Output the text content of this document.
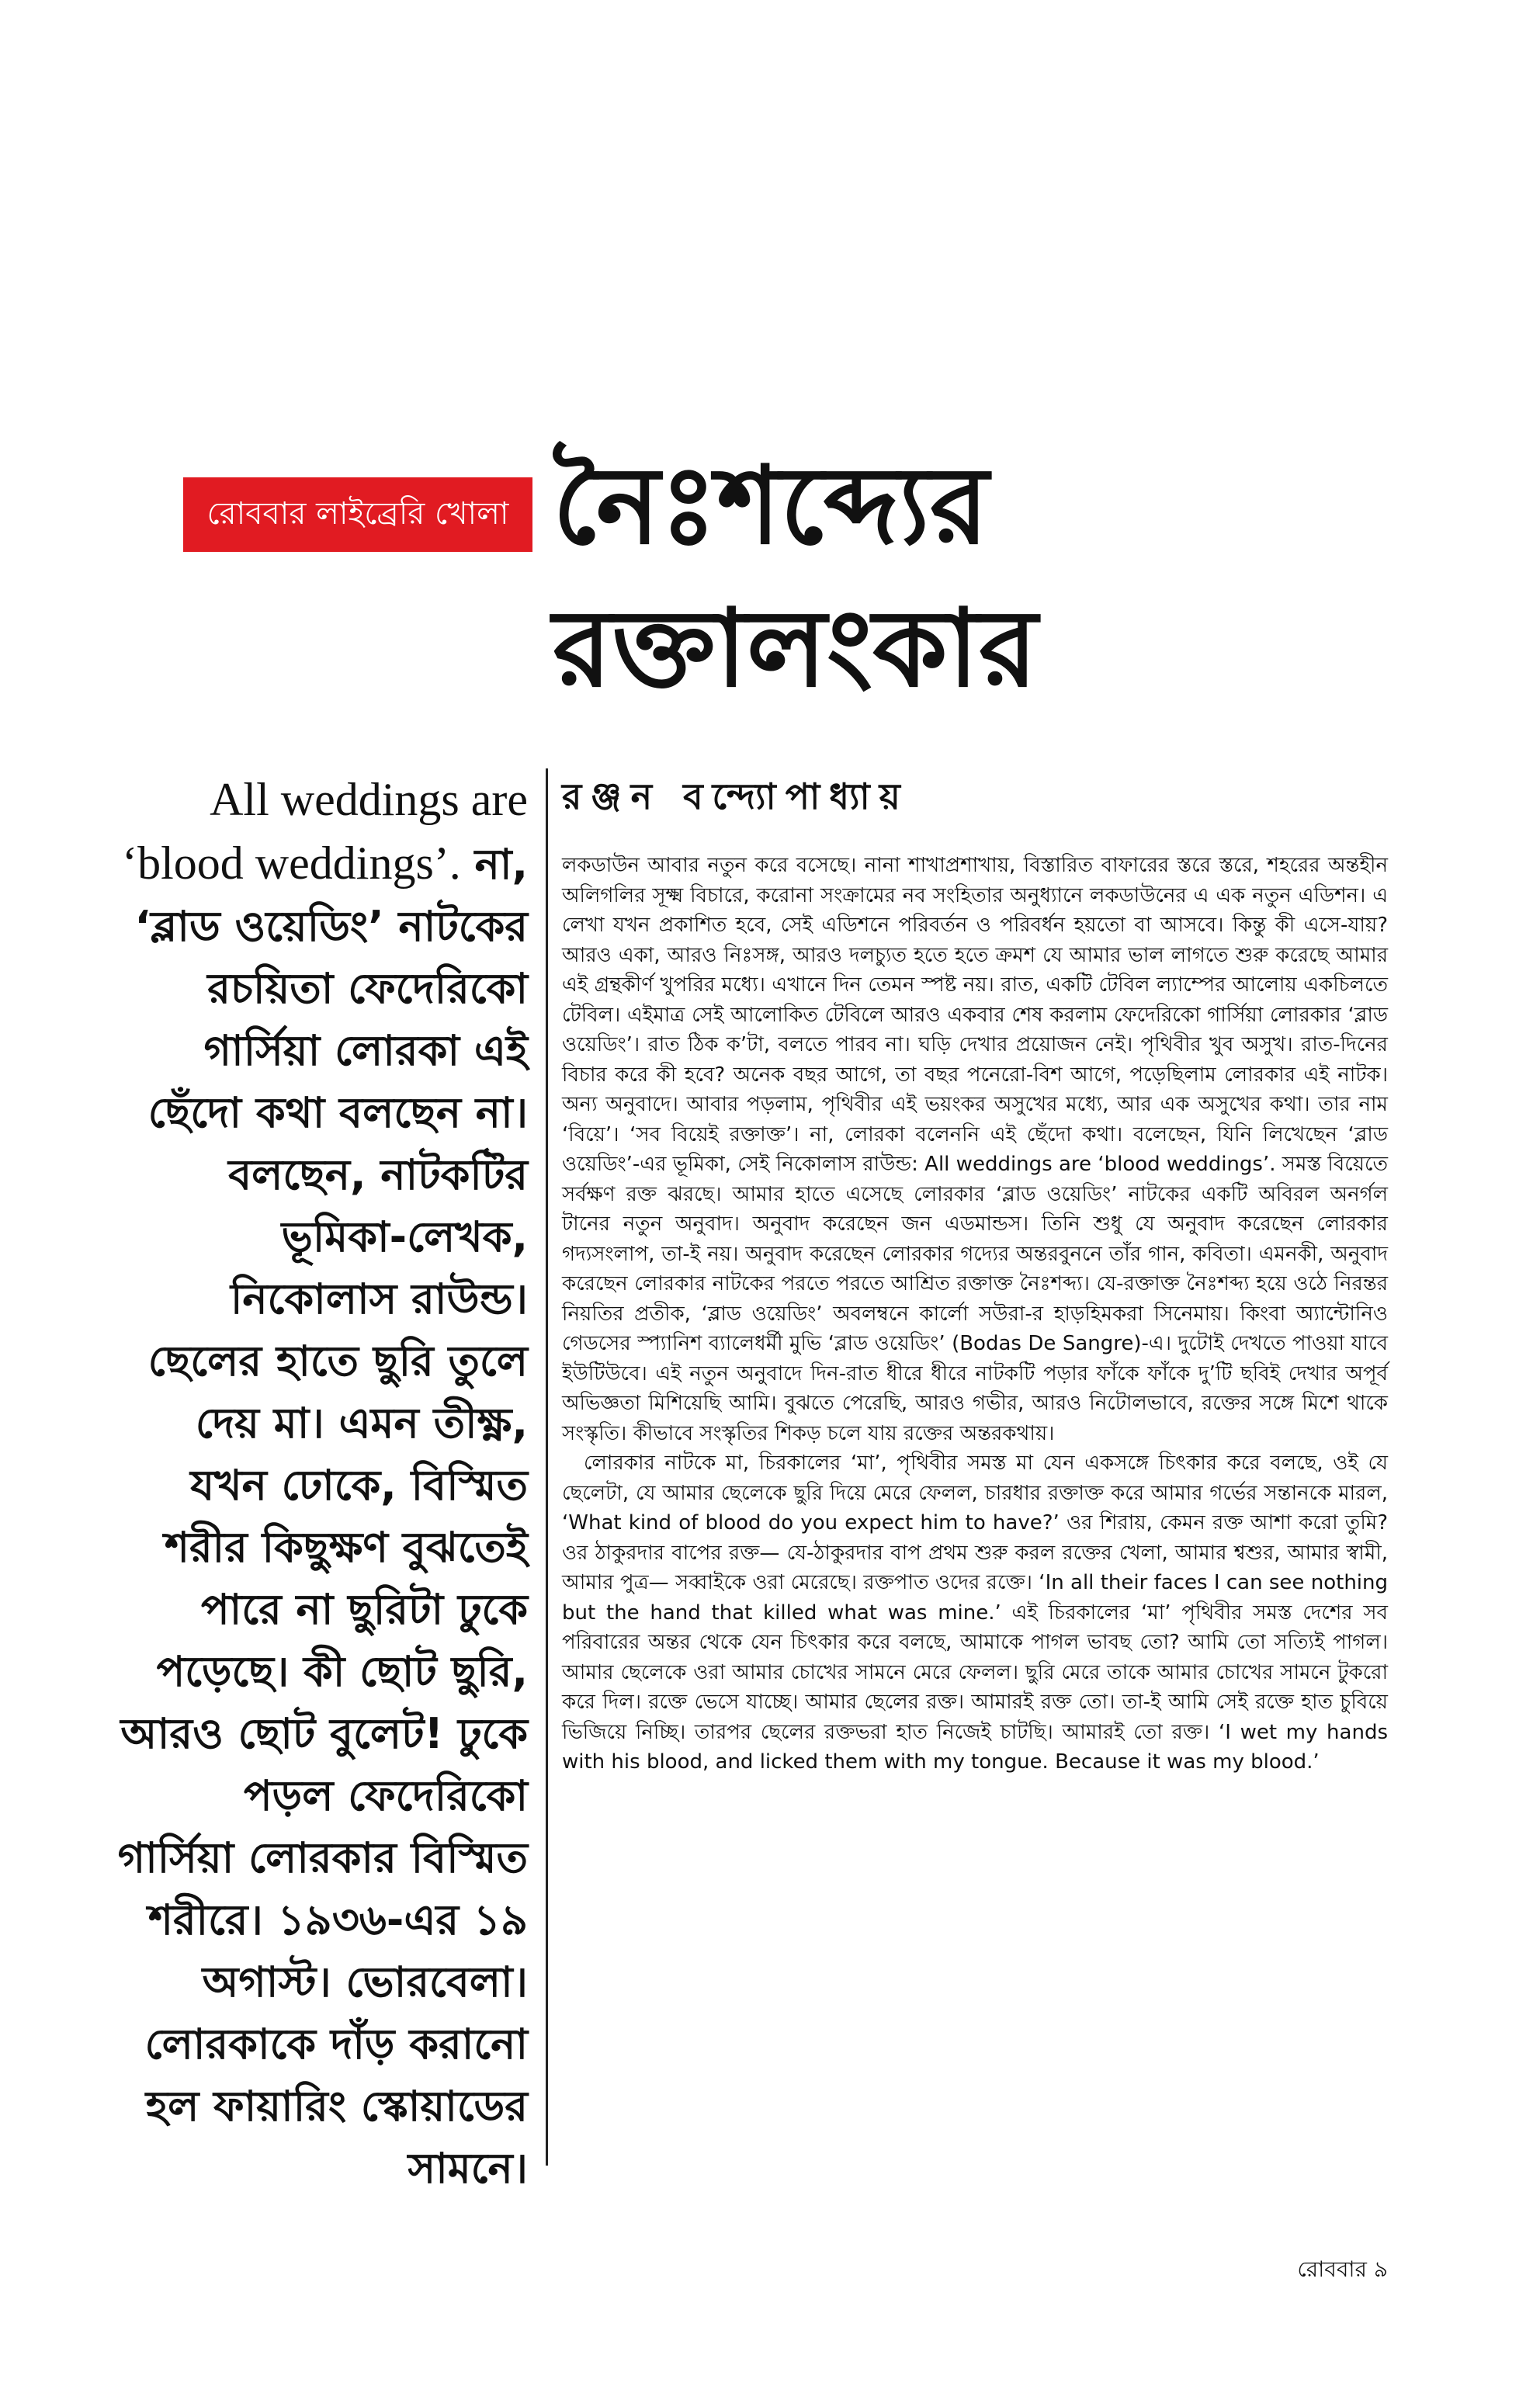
রোববার লাইব্রেরি খোলা নৈঃশব্দ্যের
রক্তালংকার
রঞ্জন বন্দ্যোপাধ্যায়
All weddings are ‘blood weddings’. না, ‘ব্লাড ওয়েডিং’ নাটকের রচয়িতা ফেদেরিকো গার্সিয়া লোরকা এই ছেঁদো কথা বলছেন না। বলছেন, নাটকটির ভূমিকা-লেখক, নিকোলাস রাউন্ড। ছেলের হাতে ছুরি তুলে দেয় মা। এমন তীক্ষ্ণ, যখন ঢোকে, বিস্মিত শরীর কিছুক্ষণ বুঝতেই পারে না ছুরিটা ঢুকে পড়েছে। কী ছোট ছুরি, আরও ছোট বুলেট! ঢুকে পড়ল ফেদেরিকো গার্সিয়া লোরকার বিস্মিত শরীরে। ১৯৩৬-এর ১৯ অগাস্ট। ভোরবেলা। লোরকাকে দাঁড় করানো হল ফায়ারিং স্কোয়াডের সামনে।

লকডাউন আবার নতুন করে বসেছে। নানা শাখাপ্রশাখায়, বিস্তারিত বাফারের স্তরে স্তরে, শহরের অন্তহীন অলিগলির সূক্ষ্ম বিচারে, করোনা সংক্রামের নব সংহিতার অনুধ্যানে লকডাউনের এ এক নতুন এডিশন। এ লেখা যখন প্রকাশিত হবে, সেই এডিশনে পরিবর্তন ও পরিবর্ধন হয়তো বা আসবে। কিন্তু কী এসে-যায়? আরও একা, আরও নিঃসঙ্গ, আরও দলচ্যুত হতে হতে ক্রমশ যে আমার ভাল লাগতে শুরু করেছে আমার এই গ্রন্থকীর্ণ খুপরির মধ্যে। এখানে দিন তেমন স্পষ্ট নয়। রাত, একটি টেবিল ল্যাম্পের আলোয় একচিলতে টেবিল। এইমাত্র সেই আলোকিত টেবিলে আরও একবার শেষ করলাম ফেদেরিকো গার্সিয়া লোরকার ‘ব্লাড ওয়েডিং’। রাত ঠিক ক’টা, বলতে পারব না। ঘড়ি দেখার প্রয়োজন নেই। পৃথিবীর খুব অসুখ। রাত-দিনের বিচার করে কী হবে? অনেক বছর আগে, তা বছর পনেরো-বিশ আগে, পড়েছিলাম লোরকার এই নাটক। অন্য অনুবাদে। আবার পড়লাম, পৃথিবীর এই ভয়ংকর অসুখের মধ্যে, আর এক অসুখের কথা। তার নাম ‘বিয়ে’। ‘সব বিয়েই রক্তাক্ত’। না, লোরকা বলেননি এই ছেঁদো কথা। বলেছেন, যিনি লিখেছেন ‘ব্লাড ওয়েডিং’-এর ভূমিকা, সেই নিকোলাস রাউন্ড: All weddings are ‘blood weddings’. সমস্ত বিয়েতে সর্বক্ষণ রক্ত ঝরছে। আমার হাতে এসেছে লোরকার ‘ব্লাড ওয়েডিং’ নাটকের একটি অবিরল অনর্গল টানের নতুন অনুবাদ। অনুবাদ করেছেন জন এডমান্ডস। তিনি শুধু যে অনুবাদ করেছেন লোরকার গদ্যসংলাপ, তা-ই নয়। অনুবাদ করেছেন লোরকার গদ্যের অন্তরবুননে তাঁর গান, কবিতা। এমনকী, অনুবাদ করেছেন লোরকার নাটকের পরতে পরতে আশ্রিত রক্তাক্ত নৈঃশব্দ্য। যে-রক্তাক্ত নৈঃশব্দ্য হয়ে ওঠে নিরন্তর নিয়তির প্রতীক, ‘ব্লাড ওয়েডিং’ অবলম্বনে কার্লো সউরা-র হাড়হিমকরা সিনেমায়। কিংবা অ্যান্টোনিও গেডসের স্প্যানিশ ব্যালেধর্মী মুভি ‘ব্লাড ওয়েডিং’ (Bodas De Sangre)-এ। দুটোই দেখতে পাওয়া যাবে ইউটিউবে। এই নতুন অনুবাদে দিন-রাত ধীরে ধীরে নাটকটি পড়ার ফাঁকে ফাঁকে দু’টি ছবিই দেখার অপূর্ব অভিজ্ঞতা মিশিয়েছি আমি। বুঝতে পেরেছি, আরও গভীর, আরও নিটোলভাবে, রক্তের সঙ্গে মিশে থাকে সংস্কৃতি। কীভাবে সংস্কৃতির শিকড় চলে যায় রক্তের অন্তরকথায়।

লোরকার নাটকে মা, চিরকালের ‘মা’, পৃথিবীর সমস্ত মা যেন একসঙ্গে চিৎকার করে বলছে, ওই যে ছেলেটা, যে আমার ছেলেকে ছুরি দিয়ে মেরে ফেলল, চারধার রক্তাক্ত করে আমার গর্ভের সন্তানকে মারল, ‘What kind of blood do you expect him to have?’ ওর শিরায়, কেমন রক্ত আশা করো তুমি? ওর ঠাকুরদার বাপের রক্ত— যে-ঠাকুরদার বাপ প্রথম শুরু করল রক্তের খেলা, আমার শ্বশুর, আমার স্বামী, আমার পুত্র— সব্বাইকে ওরা মেরেছে। রক্তপাত ওদের রক্তে। ‘In all their faces I can see nothing but the hand that killed what was mine.’ এই চিরকালের ‘মা’ পৃথিবীর সমস্ত দেশের সব পরিবারের অন্তর থেকে যেন চিৎকার করে বলছে, আমাকে পাগল ভাবছ তো? আমি তো সত্যিই পাগল। আমার ছেলেকে ওরা আমার চোখের সামনে মেরে ফেলল। ছুরি মেরে তাকে আমার চোখের সামনে টুকরো করে দিল। রক্তে ভেসে যাচ্ছে। আমার ছেলের রক্ত। আমারই রক্ত তো। তা-ই আমি সেই রক্তে হাত চুবিয়ে ভিজিয়ে নিচ্ছি। তারপর ছেলের রক্তভরা হাত নিজেই চাটছি। আমারই তো রক্ত। ‘I wet my hands with his blood, and licked them with my tongue. Because it was my blood.’

রোববার ৯
